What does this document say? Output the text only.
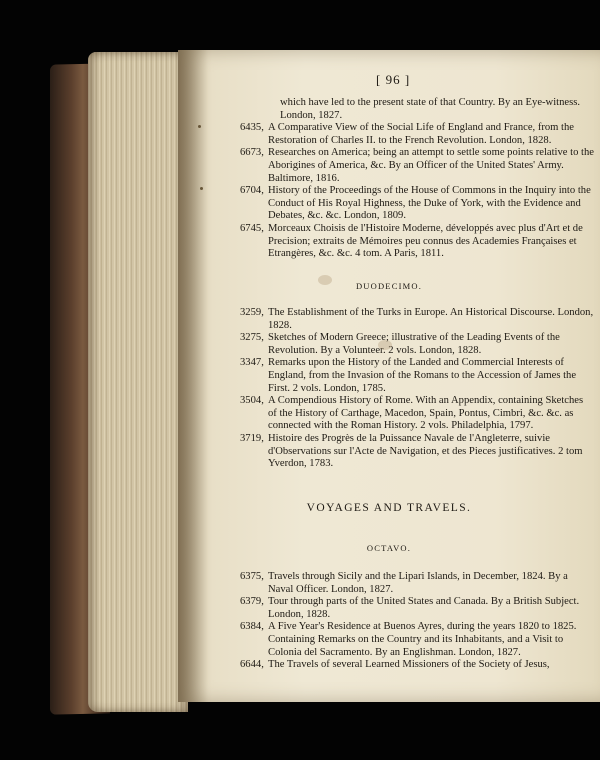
[ 96 ]
which have led to the present state of that Country. By an Eye-witness. London, 1827.
6435, A Comparative View of the Social Life of England and France, from the Restoration of Charles II. to the French Revolution. London, 1828.
6673, Researches on America; being an attempt to settle some points relative to the Aborigines of America, &c. By an Officer of the United States' Army. Baltimore, 1816.
6704, History of the Proceedings of the House of Commons in the Inquiry into the Conduct of His Royal Highness, the Duke of York, with the Evidence and Debates, &c. &c. London, 1809.
6745, Morceaux Choisis de l'Histoire Moderne, développés avec plus d'Art et de Precision; extraits de Mémoires peu connus des Academies Françaises et Etrangères, &c. &c. 4 tom. A Paris, 1811.
DUODECIMO.
3259, The Establishment of the Turks in Europe. An Historical Discourse. London, 1828.
3275, Sketches of Modern Greece; illustrative of the Leading Events of the Revolution. By a Volunteer. 2 vols. London, 1828.
3347, Remarks upon the History of the Landed and Commercial Interests of England, from the Invasion of the Romans to the Accession of James the First. 2 vols. London, 1785.
3504, A Compendious History of Rome. With an Appendix, containing Sketches of the History of Carthage, Macedon, Spain, Pontus, Cimbri, &c. &c. as connected with the Roman History. 2 vols. Philadelphia, 1797.
3719, Histoire des Progrès de la Puissance Navale de l'Angleterre, suivie d'Observations sur l'Acte de Navigation, et des Pieces justificatives. 2 tom Yverdon, 1783.
VOYAGES AND TRAVELS.
OCTAVO.
6375, Travels through Sicily and the Lipari Islands, in December, 1824. By a Naval Officer. London, 1827.
6379, Tour through parts of the United States and Canada. By a British Subject. London, 1828.
6384, A Five Year's Residence at Buenos Ayres, during the years 1820 to 1825. Containing Remarks on the Country and its Inhabitants, and a Visit to Colonia del Sacramento. By an Englishman. London, 1827.
6644, The Travels of several Learned Missioners of the Society of Jesus,
